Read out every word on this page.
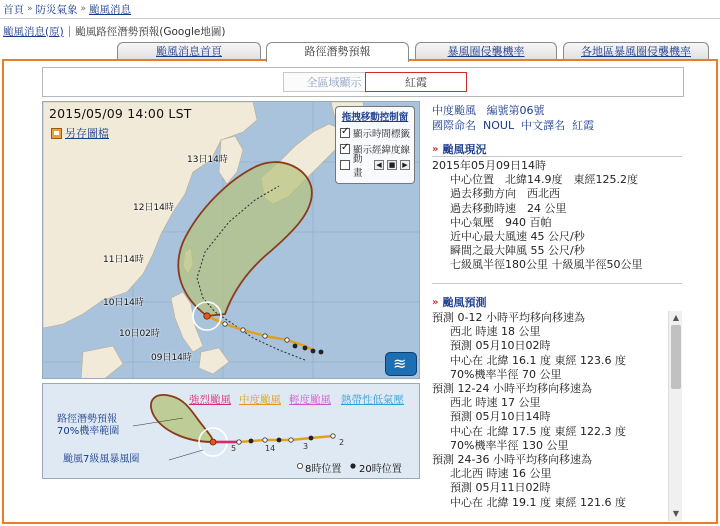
首頁 » 防災氣象 » 颱風消息
颱風消息(原) | 颱風路徑潛勢預報(Google地圖)
颱風消息首頁	路徑潛勢預報	暴風圈侵襲機率	各地區暴風圈侵襲機率
全區域顯示	紅霞
2015/05/09 14:00 LST
另存圖檔
拖拽移動控制窗
✓
顯示時間標籤
✓
顯示經緯度線
動畫
◀	■ ▶
13日14時
12日14時
11日14時
10日14時
10日02時
09日14時
≋
強烈颱風 中度颱風 輕度颱風 熱帶性低氣壓
路徑潛勢預報
70%機率範圍
颱風7級風暴風圈
5	14	3	2
8時位置 20時位置
中度颱風 編號第06號
國際命名 NOUL 中文譯名 紅霞
» 颱風現況
2015年05月09日14時
中心位置　北緯14.9度　東經125.2度
過去移動方向　西北西
過去移動時速　24 公里
中心氣壓　940 百帕
近中心最大風速 45 公尺/秒
瞬間之最大陣風 55 公尺/秒
七級風半徑180公里 十級風半徑50公里
» 颱風預測
預測 0-12 小時平均移向移速為
西北 時速 18 公里
預測 05月10日02時
中心在 北緯 16.1 度 東經 123.6 度
70%機率半徑 70 公里
預測 12-24 小時平均移向移速為
西北 時速 17 公里
預測 05月10日14時
中心在 北緯 17.5 度 東經 122.3 度
70%機率半徑 130 公里
預測 24-36 小時平均移向移速為
北北西 時速 16 公里
預測 05月11日02時
中心在 北緯 19.1 度 東經 121.6 度
▲
▼
